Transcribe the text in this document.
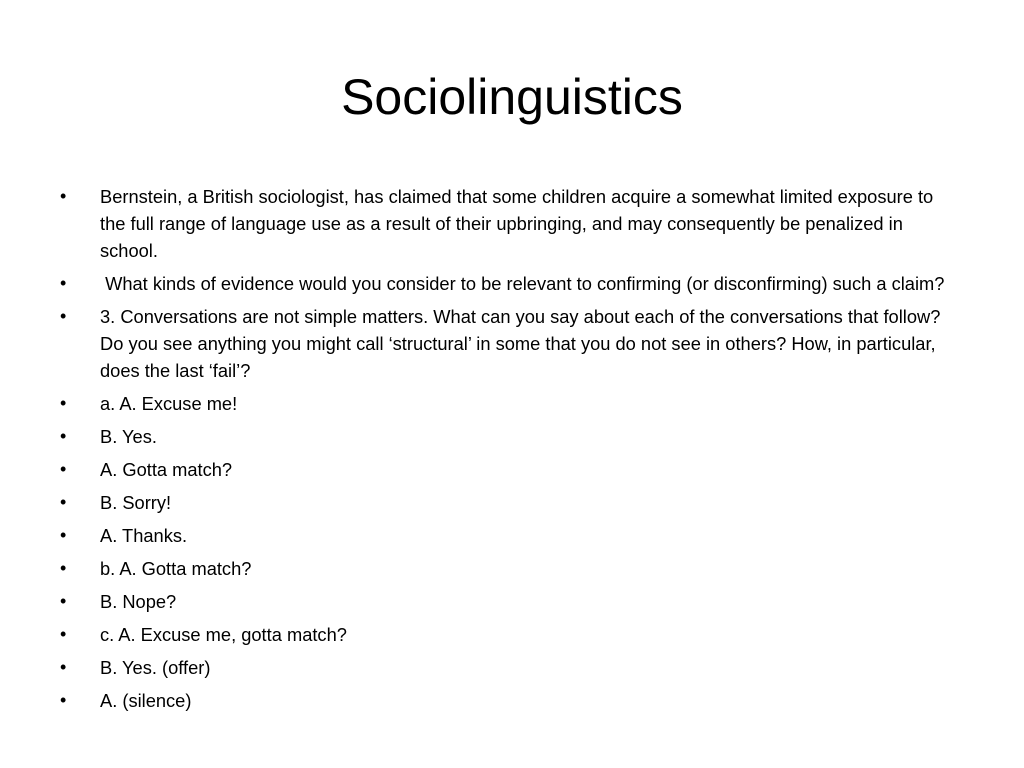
Sociolinguistics
•	Bernstein, a British sociologist, has claimed that some children acquire a somewhat limited exposure to the full range of language use as a result of their upbringing, and may consequently be penalized in school.
•	What kinds of evidence would you consider to be relevant to confirming (or disconfirming) such a claim?
•	3. Conversations are not simple matters. What can you say about each of the conversations that follow? Do you see anything you might call ‘structural’ in some that you do not see in others? How, in particular, does the last ‘fail’?
•	a. A. Excuse me!
•	B. Yes.
•	A. Gotta match?
•	B. Sorry!
•	A. Thanks.
•	b. A. Gotta match?
•	B. Nope?
•	c. A. Excuse me, gotta match?
•	B. Yes. (offer)
•	A. (silence)
